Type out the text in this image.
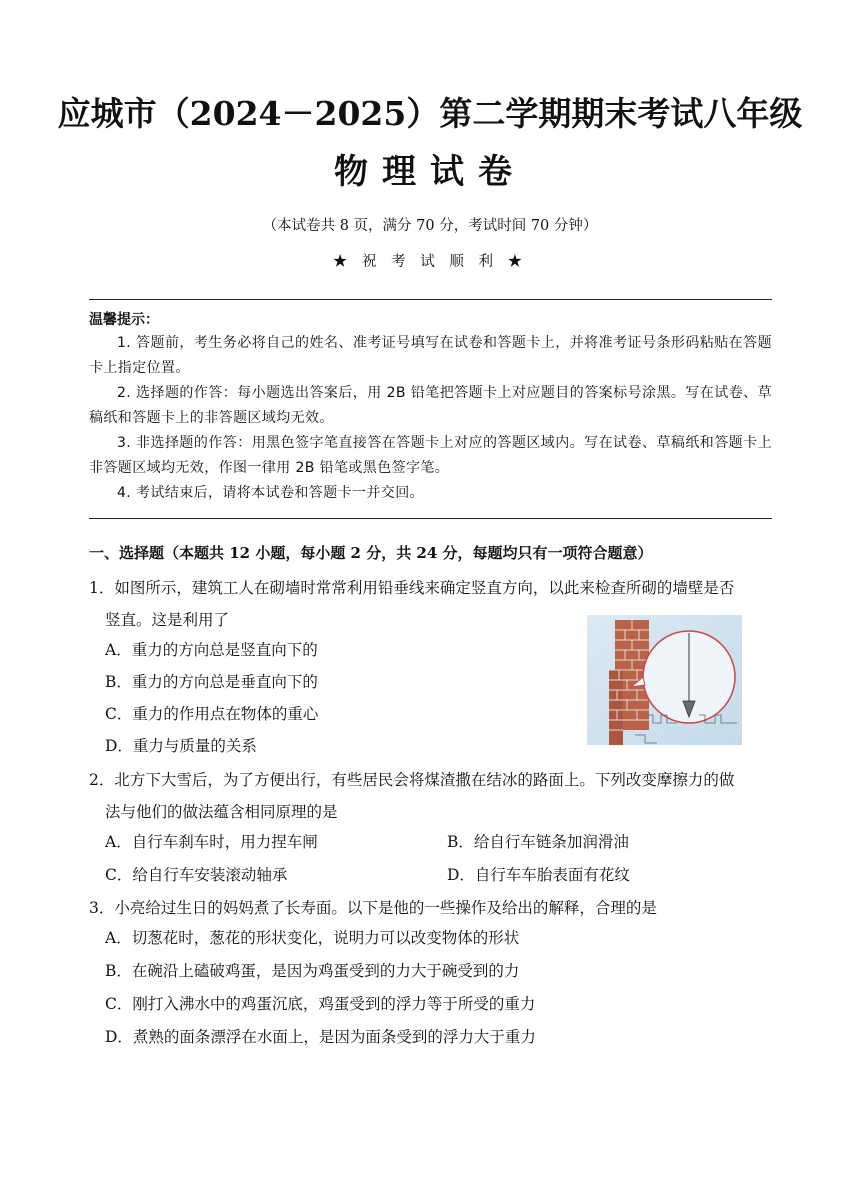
应城市（2024－2025）第二学期期末考试八年级
物理试卷
（本试卷共 8 页，满分 70 分，考试时间 70 分钟）
★ 祝 考 试 顺 利 ★
温馨提示：

1. 答题前，考生务必将自己的姓名、准考证号填写在试卷和答题卡上，并将准考证号条形码粘贴在答题卡上指定位置。

2. 选择题的作答：每小题选出答案后，用 2B 铅笔把答题卡上对应题目的答案标号涂黑。写在试卷、草稿纸和答题卡上的非答题区域均无效。

3. 非选择题的作答：用黑色签字笔直接答在答题卡上对应的答题区域内。写在试卷、草稿纸和答题卡上非答题区域均无效，作图一律用 2B 铅笔或黑色签字笔。

4. 考试结束后，请将本试卷和答题卡一并交回。

一、选择题（本题共 12 小题，每小题 2 分，共 24 分，每题均只有一项符合题意）

1．如图所示，建筑工人在砌墙时常常利用铅垂线来确定竖直方向，以此来检查所砌的墙壁是否

竖直。这是利用了

A．重力的方向总是竖直向下的
B．重力的方向总是垂直向下的
C．重力的作用点在物体的重心
D．重力与质量的关系

2．北方下大雪后，为了方便出行，有些居民会将煤渣撒在结冰的路面上。下列改变摩擦力的做

法与他们的做法蕴含相同原理的是

A．自行车刹车时，用力捏车闸	B．给自行车链条加润滑油
C．给自行车安装滚动轴承	D．自行车车胎表面有花纹

3．小亮给过生日的妈妈煮了长寿面。以下是他的一些操作及给出的解释，合理的是

A．切葱花时，葱花的形状变化，说明力可以改变物体的形状
B．在碗沿上磕破鸡蛋，是因为鸡蛋受到的力大于碗受到的力
C．刚打入沸水中的鸡蛋沉底，鸡蛋受到的浮力等于所受的重力
D．煮熟的面条漂浮在水面上，是因为面条受到的浮力大于重力
